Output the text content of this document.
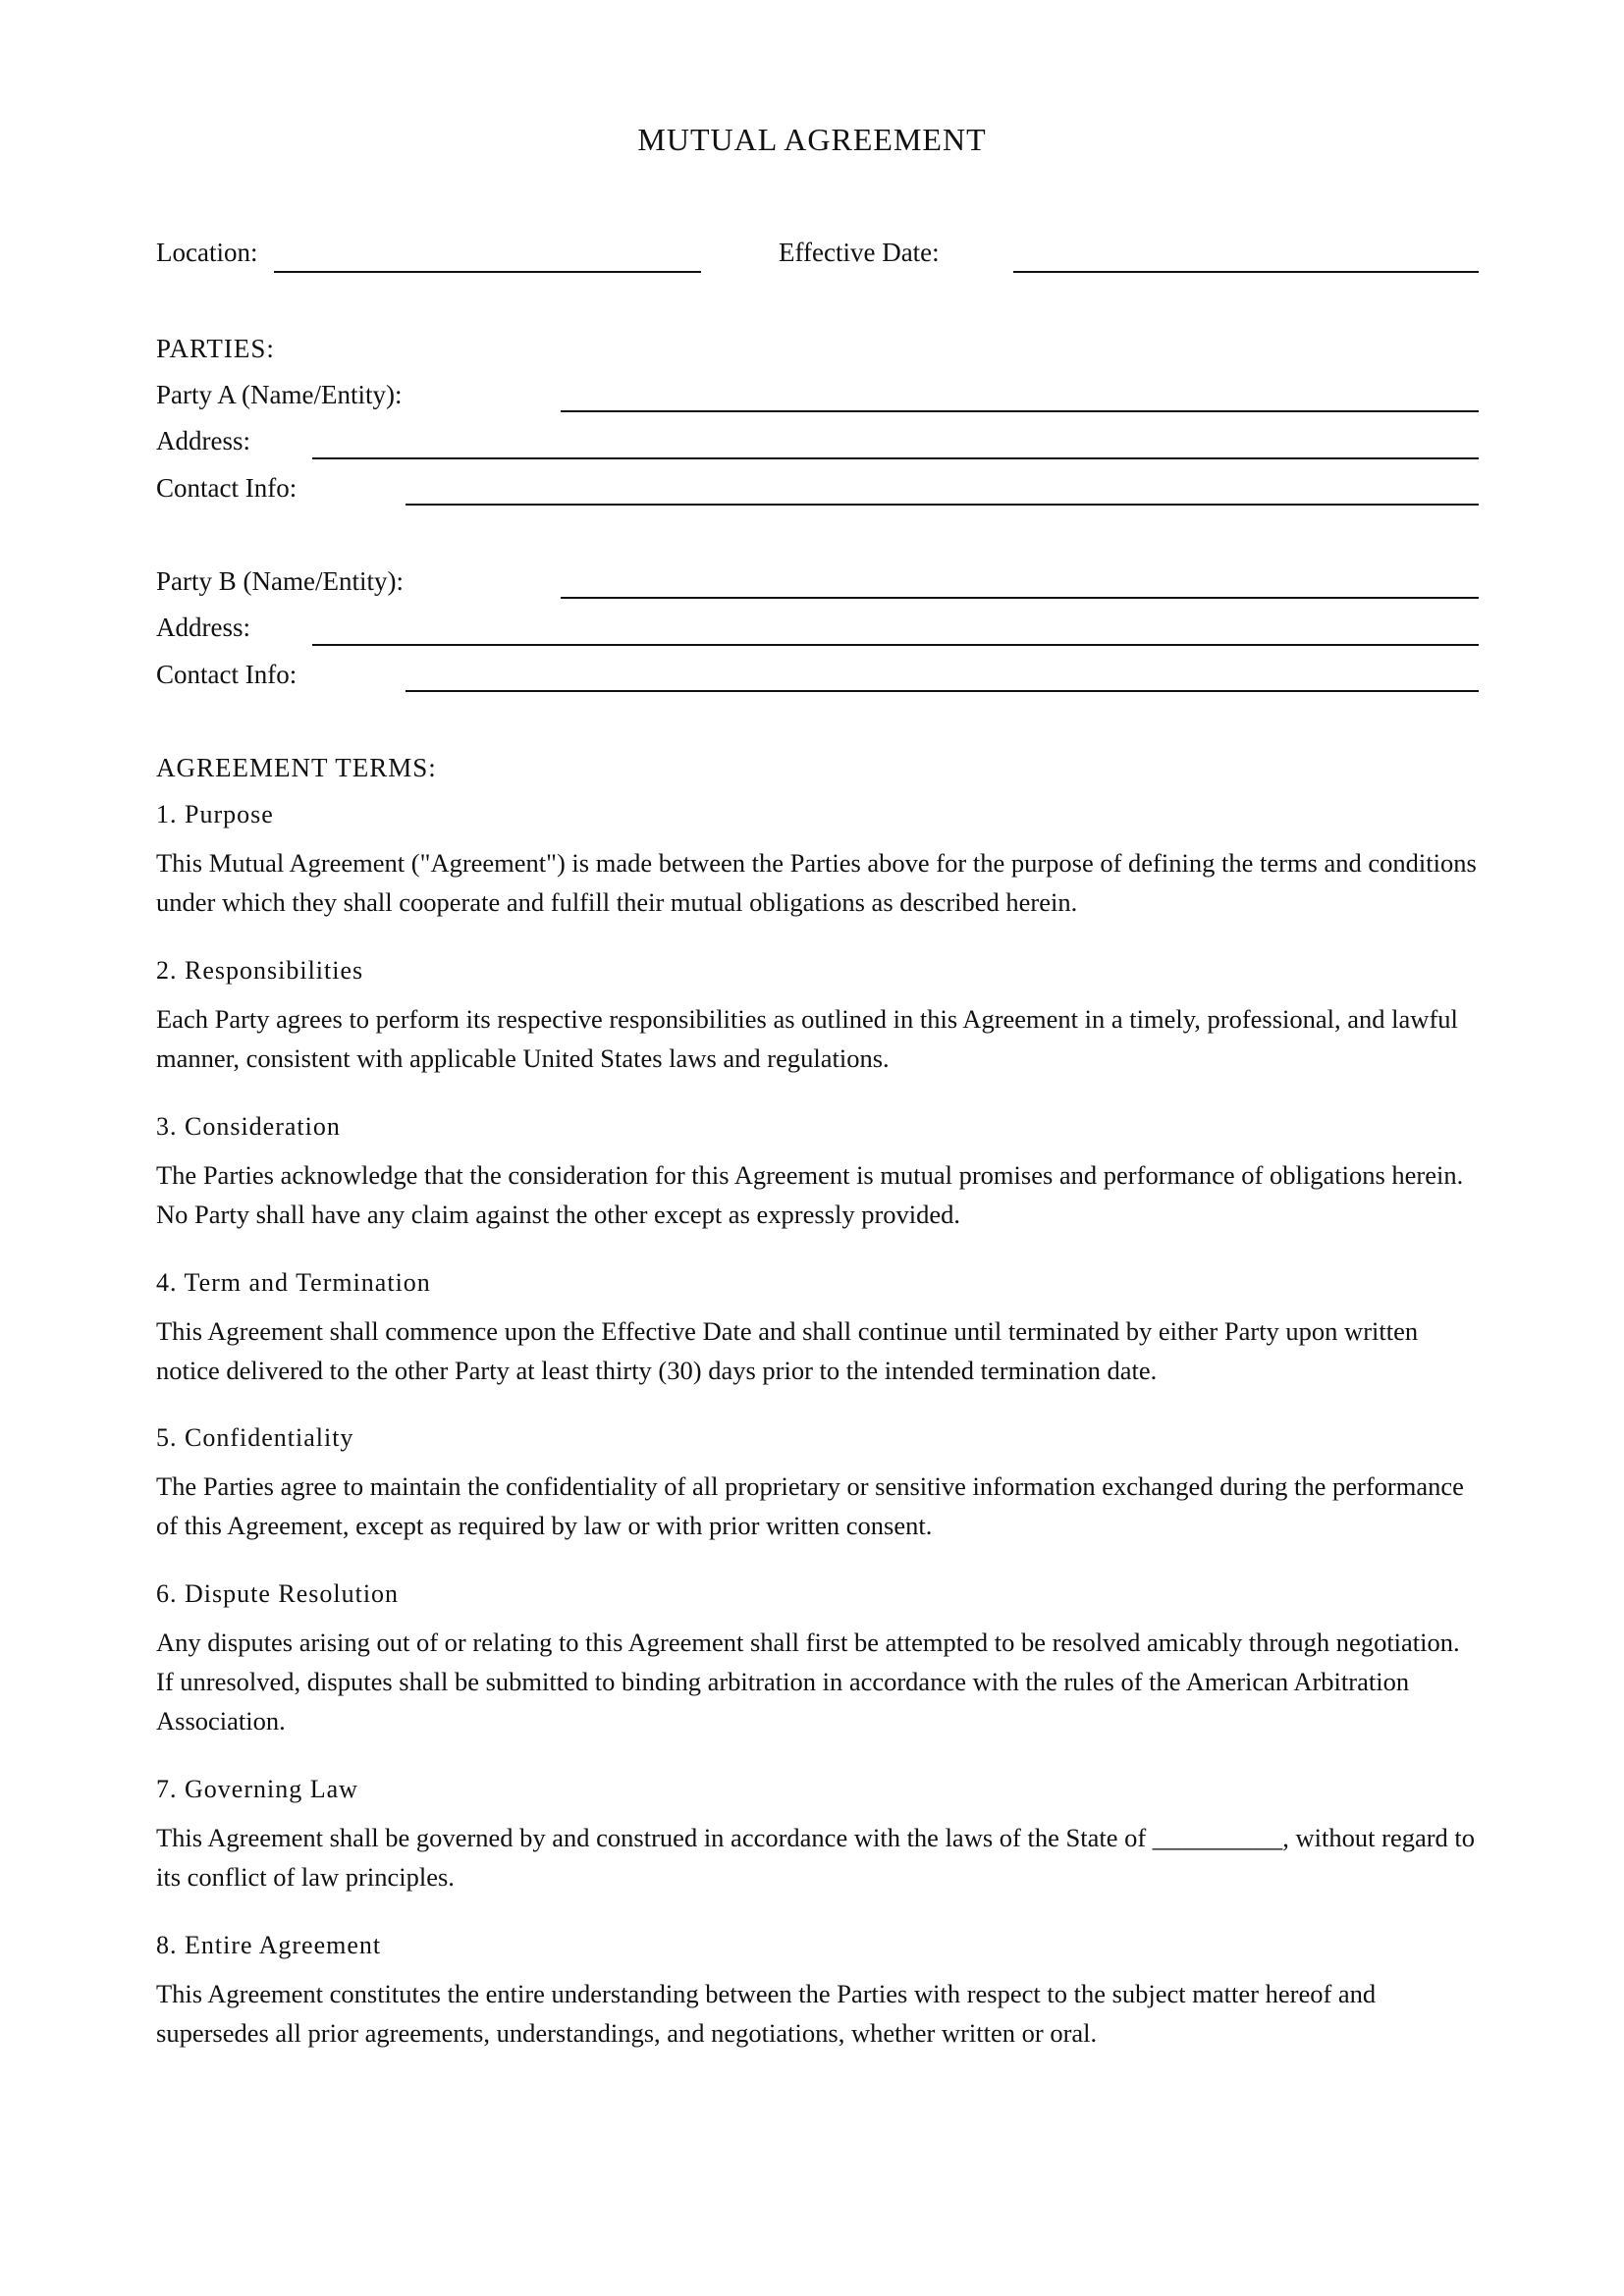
MUTUAL AGREEMENT
Location:	Effective Date:
PARTIES:
Party A (Name/Entity):
Address:
Contact Info:
Party B (Name/Entity):
Address:
Contact Info:
AGREEMENT TERMS:
1. Purpose
This Mutual Agreement ("Agreement") is made between the Parties above for the purpose of defining the terms and conditions under which they shall cooperate and fulfill their mutual obligations as described herein.
2. Responsibilities
Each Party agrees to perform its respective responsibilities as outlined in this Agreement in a timely, professional, and lawful manner, consistent with applicable United States laws and regulations.
3. Consideration
The Parties acknowledge that the consideration for this Agreement is mutual promises and performance of obligations herein. No Party shall have any claim against the other except as expressly provided.
4. Term and Termination
This Agreement shall commence upon the Effective Date and shall continue until terminated by either Party upon written notice delivered to the other Party at least thirty (30) days prior to the intended termination date.
5. Confidentiality
The Parties agree to maintain the confidentiality of all proprietary or sensitive information exchanged during the performance of this Agreement, except as required by law or with prior written consent.
6. Dispute Resolution
Any disputes arising out of or relating to this Agreement shall first be attempted to be resolved amicably through negotiation. If unresolved, disputes shall be submitted to binding arbitration in accordance with the rules of the American Arbitration Association.
7. Governing Law
This Agreement shall be governed by and construed in accordance with the laws of the State of __________, without regard to its conflict of law principles.
8. Entire Agreement
This Agreement constitutes the entire understanding between the Parties with respect to the subject matter hereof and supersedes all prior agreements, understandings, and negotiations, whether written or oral.
